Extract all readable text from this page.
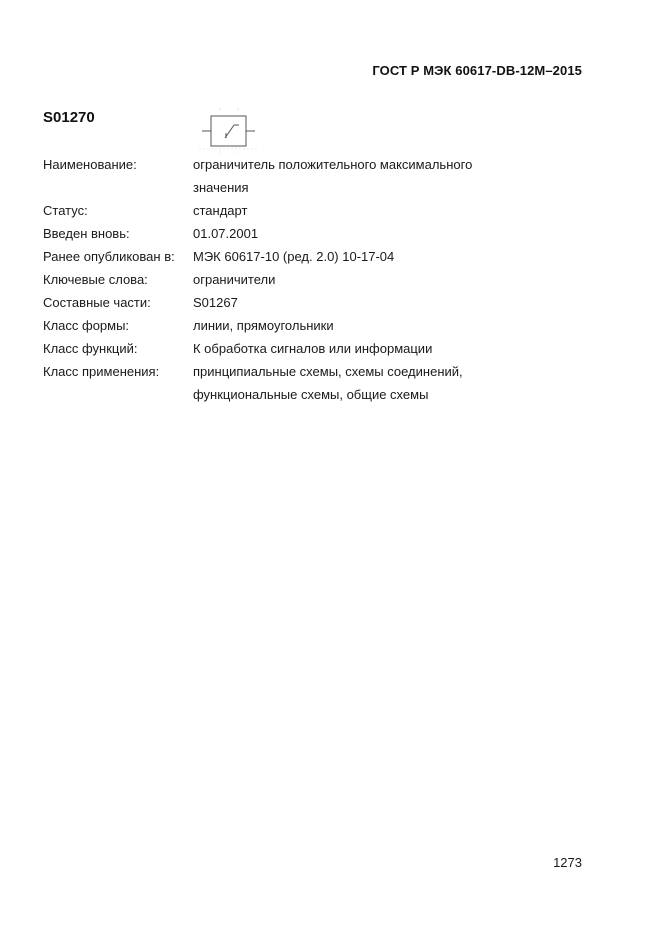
ГОСТ Р МЭК 60617-DB-12M–2015
S01270
Наименование:	ограничитель положительного максимального
значения
Статус:	стандарт
Введен вновь:	01.07.2001
Ранее опубликован в:	МЭК 60617-10 (ред. 2.0) 10-17-04
Ключевые слова:	ограничители
Составные части:	S01267
Класс формы:	линии, прямоугольники
Класс функций:	К обработка сигналов или информации
Класс применения:	принципиальные схемы, схемы соединений,
функциональные схемы, общие схемы
1273
